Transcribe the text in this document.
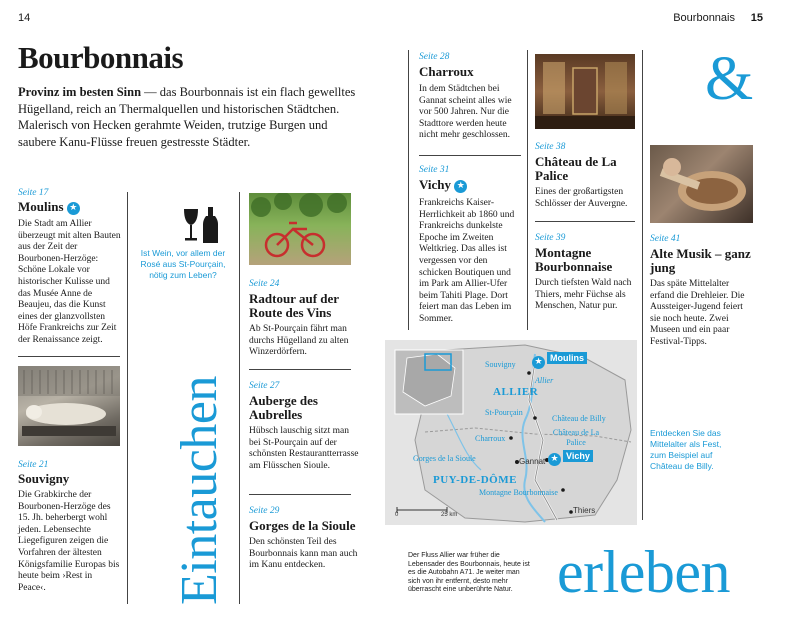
14	Bourbonnais 15
Bourbonnais
Provinz im besten Sinn — das Bourbonnais ist ein flach gewelltes Hügelland, reich an Thermalquellen und historischen Städtchen. Malerisch von Hecken gerahmte Weiden, trutzige Burgen und saubere Kanu-Flüsse freuen gestresste Städter.
Seite 17
Moulins ★
Die Stadt am Allier überzeugt mit alten Bauten aus der Zeit der Bourbonen-Herzöge: Schöne Lokale vor historischer Kulisse und das Musée Anne de Beaujeu, das die Kunst eines der glanzvollsten Höfe Frankreichs zur Zeit der Renaissance zeigt.
Seite 21
Souvigny
Die Grabkirche der Bourbonen-Herzöge des 15. Jh. beherbergt wohl jeden. Lebensechte Liegefiguren zeigen die Vorfahren der ältesten Königsfamilie Europas bis heute beim ›Rest in Peace‹.
Ist Wein, vor allem der Rosé aus St-Pourçain, nötig zum Leben?
Eintauchen
Seite 24
Radtour auf der Route des Vins
Ab St-Pourçain fährt man durchs Hügelland zu alten Winzerdörfern.
Seite 27
Auberge des Aubrelles
Hübsch lauschig sitzt man bei St-Pourçain auf der schönsten Restaurantterrasse am Flüsschen Sioule.
Seite 29
Gorges de la Sioule
Den schönsten Teil des Bourbonnais kann man auch im Kanu entdecken.
Seite 28
Charroux
In dem Städtchen bei Gannat scheint alles wie vor 500 Jahren. Nur die Stadttore werden heute nicht mehr geschlossen.
Seite 31
Vichy ★
Frankreichs Kaiser-Herrlichkeit ab 1860 und Frankreichs dunkelste Epoche im Zweiten Weltkrieg. Das alles ist vergessen vor den schicken Boutiquen und im Park am Allier-Ufer beim Tahiti Plage. Dort feiert man das Leben im Sommer.
Seite 38
Château de La Palice
Eines der großartigsten Schlösser der Auvergne.
Seite 39
Montagne Bourbonnaise
Durch tiefsten Wald nach Thiers, mehr Füchse als Menschen, Natur pur.
&
Seite 41
Alte Musik – ganz jung
Das späte Mittelalter erfand die Drehleier. Die Aussteiger-Jugend feiert sie noch heute. Zwei Museen und ein paar Festival-Tipps.
Entdecken Sie das Mittelalter als Fest, zum Beispiel auf Château de Billy.
Moulins
★
Souvigny
Allier
ALLIER
St-Pourçain
Château de Billy
Charroux
Château de La Palice
Gorges de la Sioule	Gannat ★ Vichy
PUY-DE-DÔME
Montagne Bourbonnaise
Thiers
0	25 km
Der Fluss Allier war früher die Lebensader des Bourbonnais, heute ist es die Autobahn A71. Je weiter man sich von ihr entfernt, desto mehr überrascht eine unberührte Natur. erleben
